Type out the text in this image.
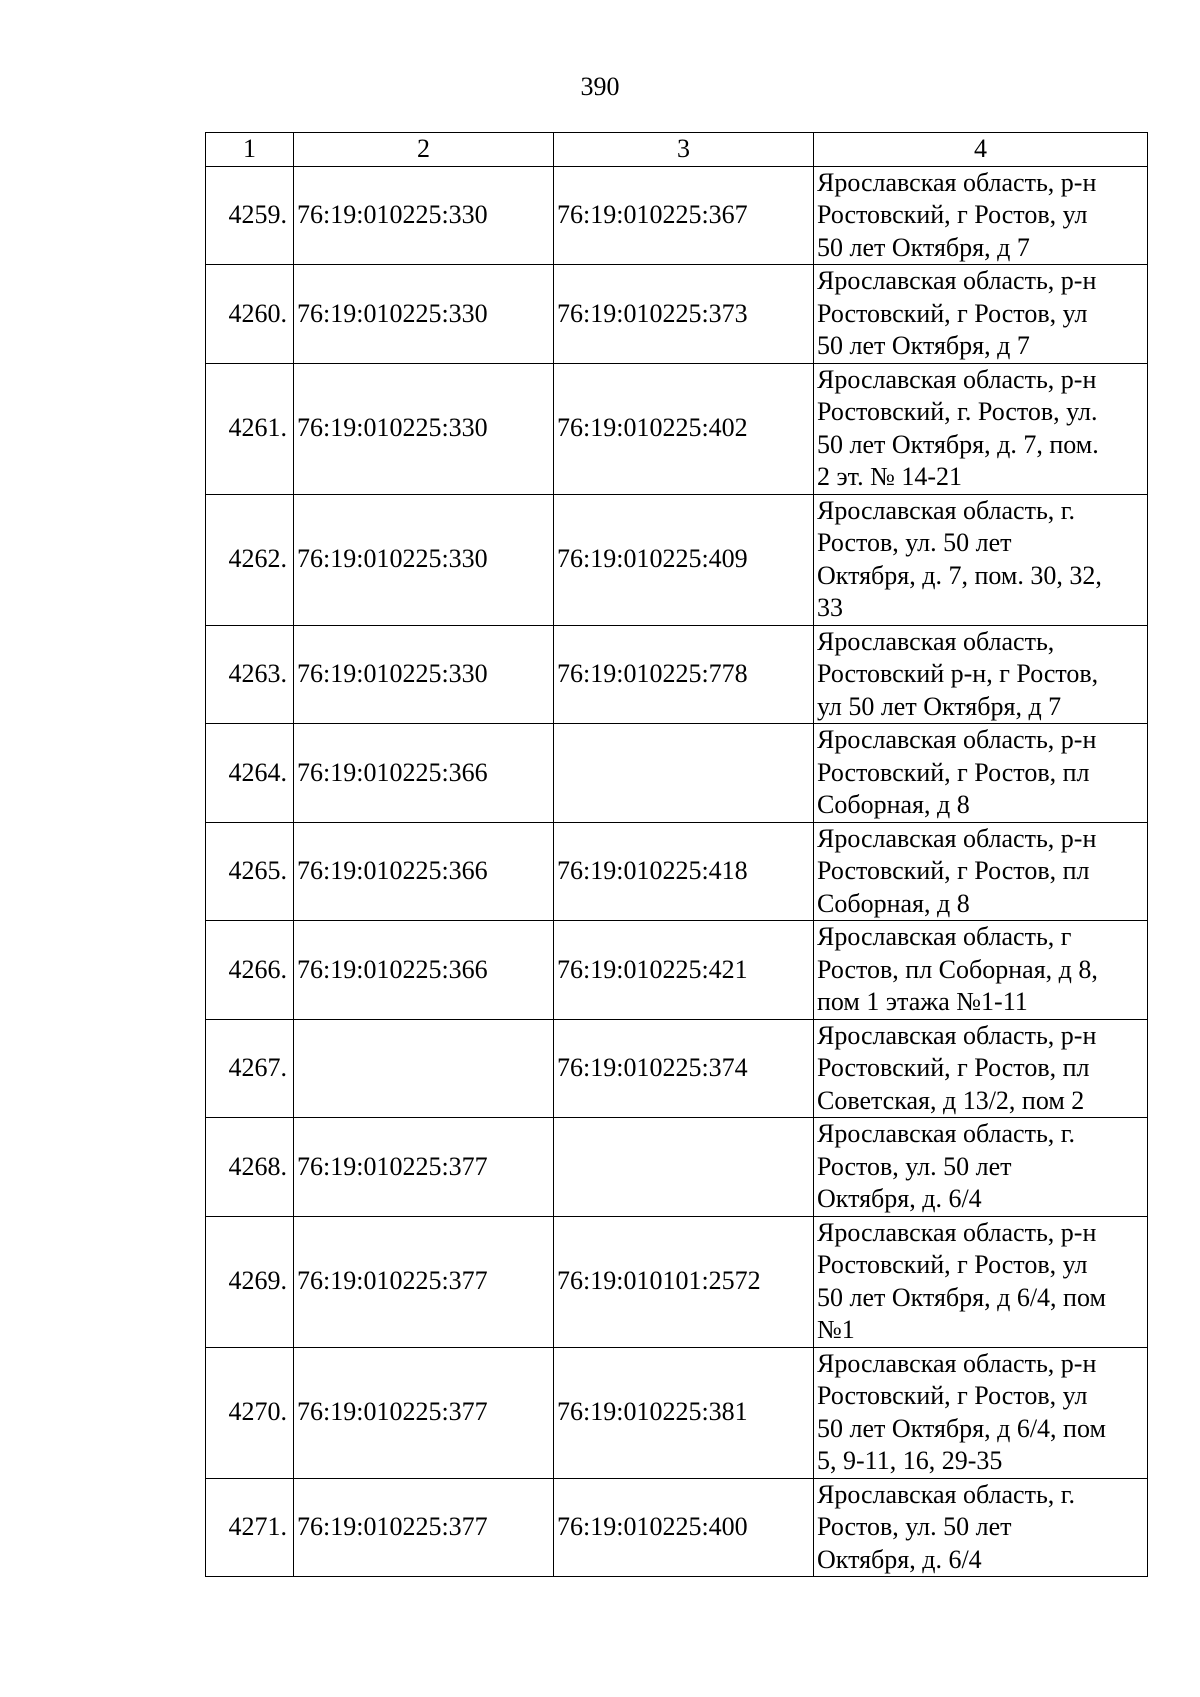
390
1	2	3	4
4259.	76:19:010225:330	76:19:010225:367	Ярославская область, р-н
Ростовский, г Ростов, ул
50 лет Октября, д 7
4260.	76:19:010225:330	76:19:010225:373	Ярославская область, р-н
Ростовский, г Ростов, ул
50 лет Октября, д 7
4261.	76:19:010225:330	76:19:010225:402	Ярославская область, р-н
Ростовский, г. Ростов, ул.
50 лет Октября, д. 7, пом.
2 эт. № 14-21
4262.	76:19:010225:330	76:19:010225:409	Ярославская область, г.
Ростов, ул. 50 лет
Октября, д. 7, пом. 30, 32,
33
4263.	76:19:010225:330	76:19:010225:778	Ярославская область,
Ростовский р-н, г Ростов,
ул 50 лет Октября, д 7
4264.	76:19:010225:366		Ярославская область, р-н
Ростовский, г Ростов, пл
Соборная, д 8
4265.	76:19:010225:366	76:19:010225:418	Ярославская область, р-н
Ростовский, г Ростов, пл
Соборная, д 8
4266.	76:19:010225:366	76:19:010225:421	Ярославская область, г
Ростов, пл Соборная, д 8,
пом 1 этажа №1-11
4267.		76:19:010225:374	Ярославская область, р-н
Ростовский, г Ростов, пл
Советская, д 13/2, пом 2
4268.	76:19:010225:377		Ярославская область, г.
Ростов, ул. 50 лет
Октября, д. 6/4
4269.	76:19:010225:377	76:19:010101:2572	Ярославская область, р-н
Ростовский, г Ростов, ул
50 лет Октября, д 6/4, пом
№1
4270.	76:19:010225:377	76:19:010225:381	Ярославская область, р-н
Ростовский, г Ростов, ул
50 лет Октября, д 6/4, пом
5, 9-11, 16, 29-35
4271.	76:19:010225:377	76:19:010225:400	Ярославская область, г.
Ростов, ул. 50 лет
Октября, д. 6/4
